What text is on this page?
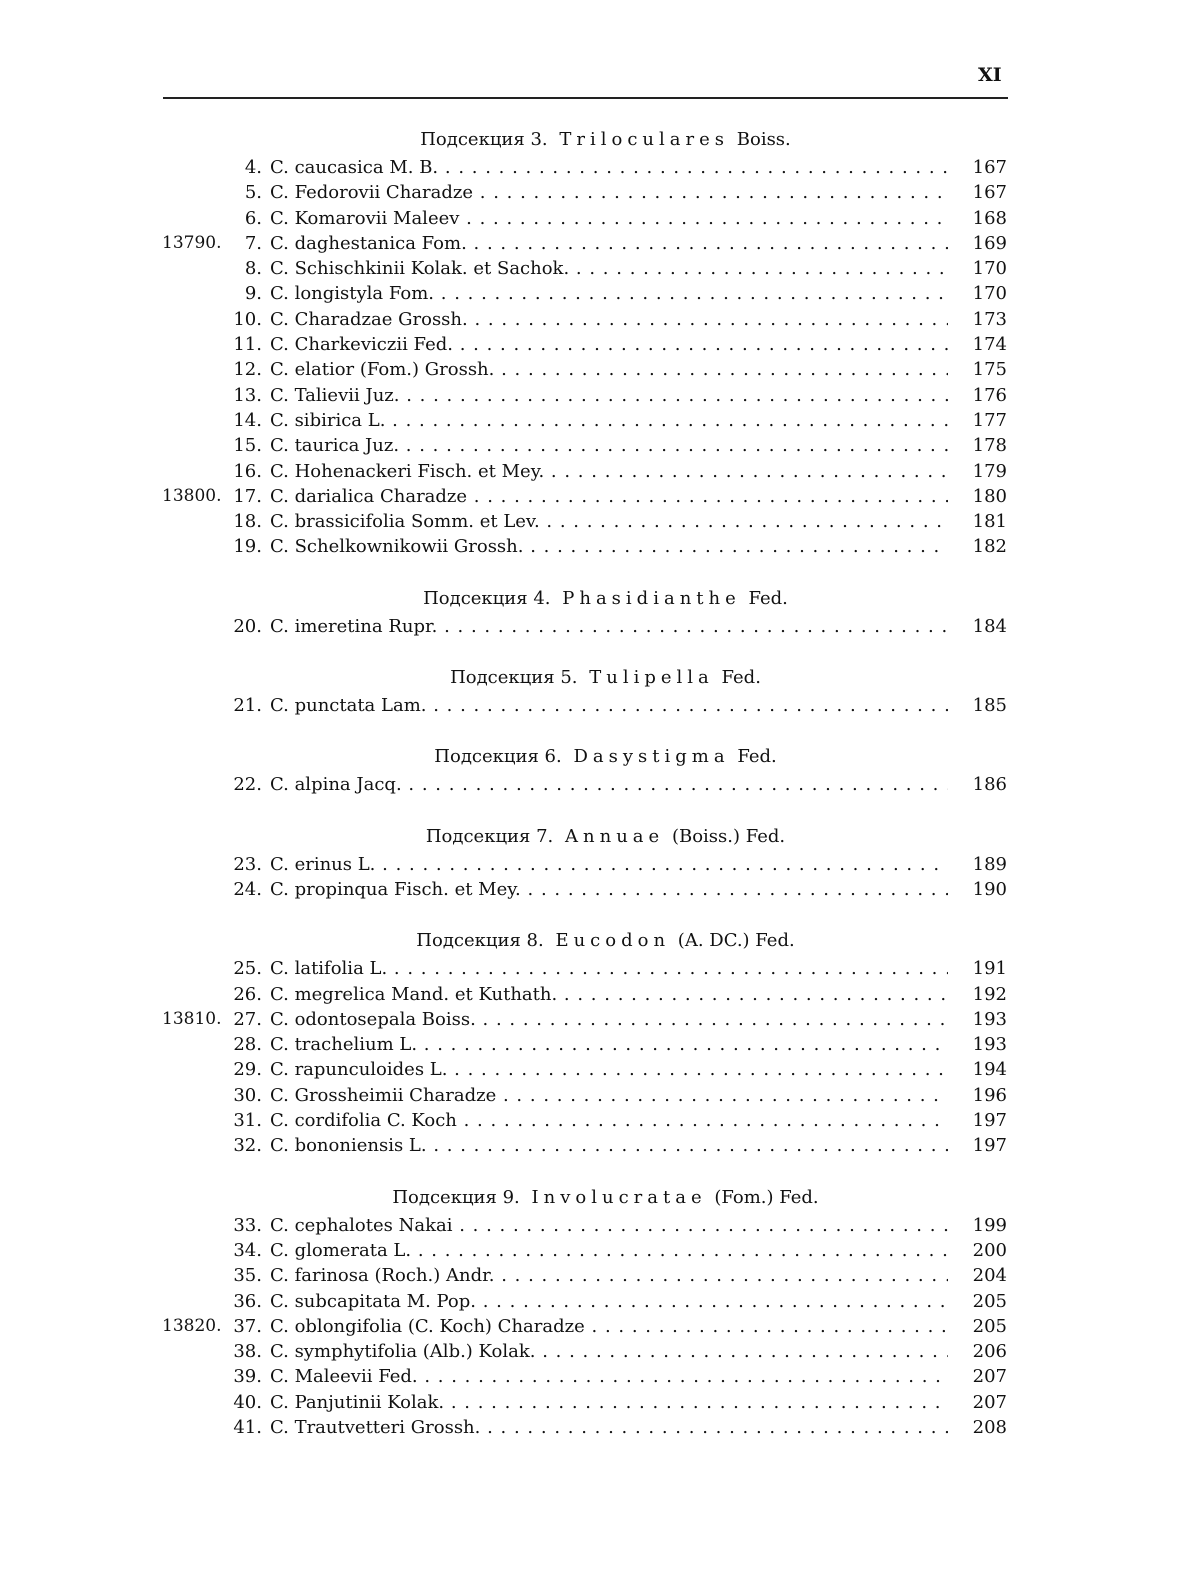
XI
Подсекция 3. Triloculares Boiss.
4. C. caucasica M. B. . . .	167
5. C. Fedorovii Charadze . . .	167
6. C. Komarovii Maleev . . .	168
13790.	7. C. daghestanica Fom. . . .	169
8. C. Schischkinii Kolak. et Sachok. . . .	170
9. C. longistyla Fom. . . .	170
10. C. Charadzae Grossh. . . .	173
11. C. Charkeviczii Fed. . . .	174
12. C. elatior (Fom.) Grossh. . . .	175
13. C. Talievii Juz. . . .	176
14. C. sibirica L. . . .	177
15. C. taurica Juz. . . .	178
16. C. Hohenackeri Fisch. et Mey. . . .	179
13800. 17. C. darialica Charadze . . .	180
18. C. brassicifolia Somm. et Lev. . . .	181
19. C. Schelkownikowii Grossh. . . .	182
Подсекция 4. Phasidianthe Fed.
20. C. imeretina Rupr. . . .	184
Подсекция 5. Tulipella Fed.
21. C. punctata Lam. . . .	185
Подсекция 6. Dasystigma Fed.
22. C. alpina Jacq. . . .	186
Подсекция 7. Annuae (Boiss.) Fed.
23. C. erinus L. . . .	189
24. C. propinqua Fisch. et Mey. . . .	190
Подсекция 8. Eucodon (A. DC.) Fed.
25. C. latifolia L. . . .	191
26. C. megrelica Mand. et Kuthath. . . .	192
13810. 27. C. odontosepala Boiss. . . .	193
28. C. trachelium L. . . .	193
29. C. rapunculoides L. . . .	194
30. C. Grossheimii Charadze . . .	196
31. C. cordifolia C. Koch . . .	197
32. C. bononiensis L. . . .	197
Подсекция 9. Involucratae (Fom.) Fed.
33. C. cephalotes Nakai . . .	199
34. C. glomerata L. . . .	200
35. C. farinosa (Roch.) Andr. . . .	204
36. C. subcapitata M. Pop. . . .	205
13820. 37. C. oblongifolia (C. Koch) Charadze . . .	205
38. C. symphytifolia (Alb.) Kolak. . . .	206
39. C. Maleevii Fed. . . .	207
40. C. Panjutinii Kolak. . . .	207
41. C. Trautvetteri Grossh. . . .	208
